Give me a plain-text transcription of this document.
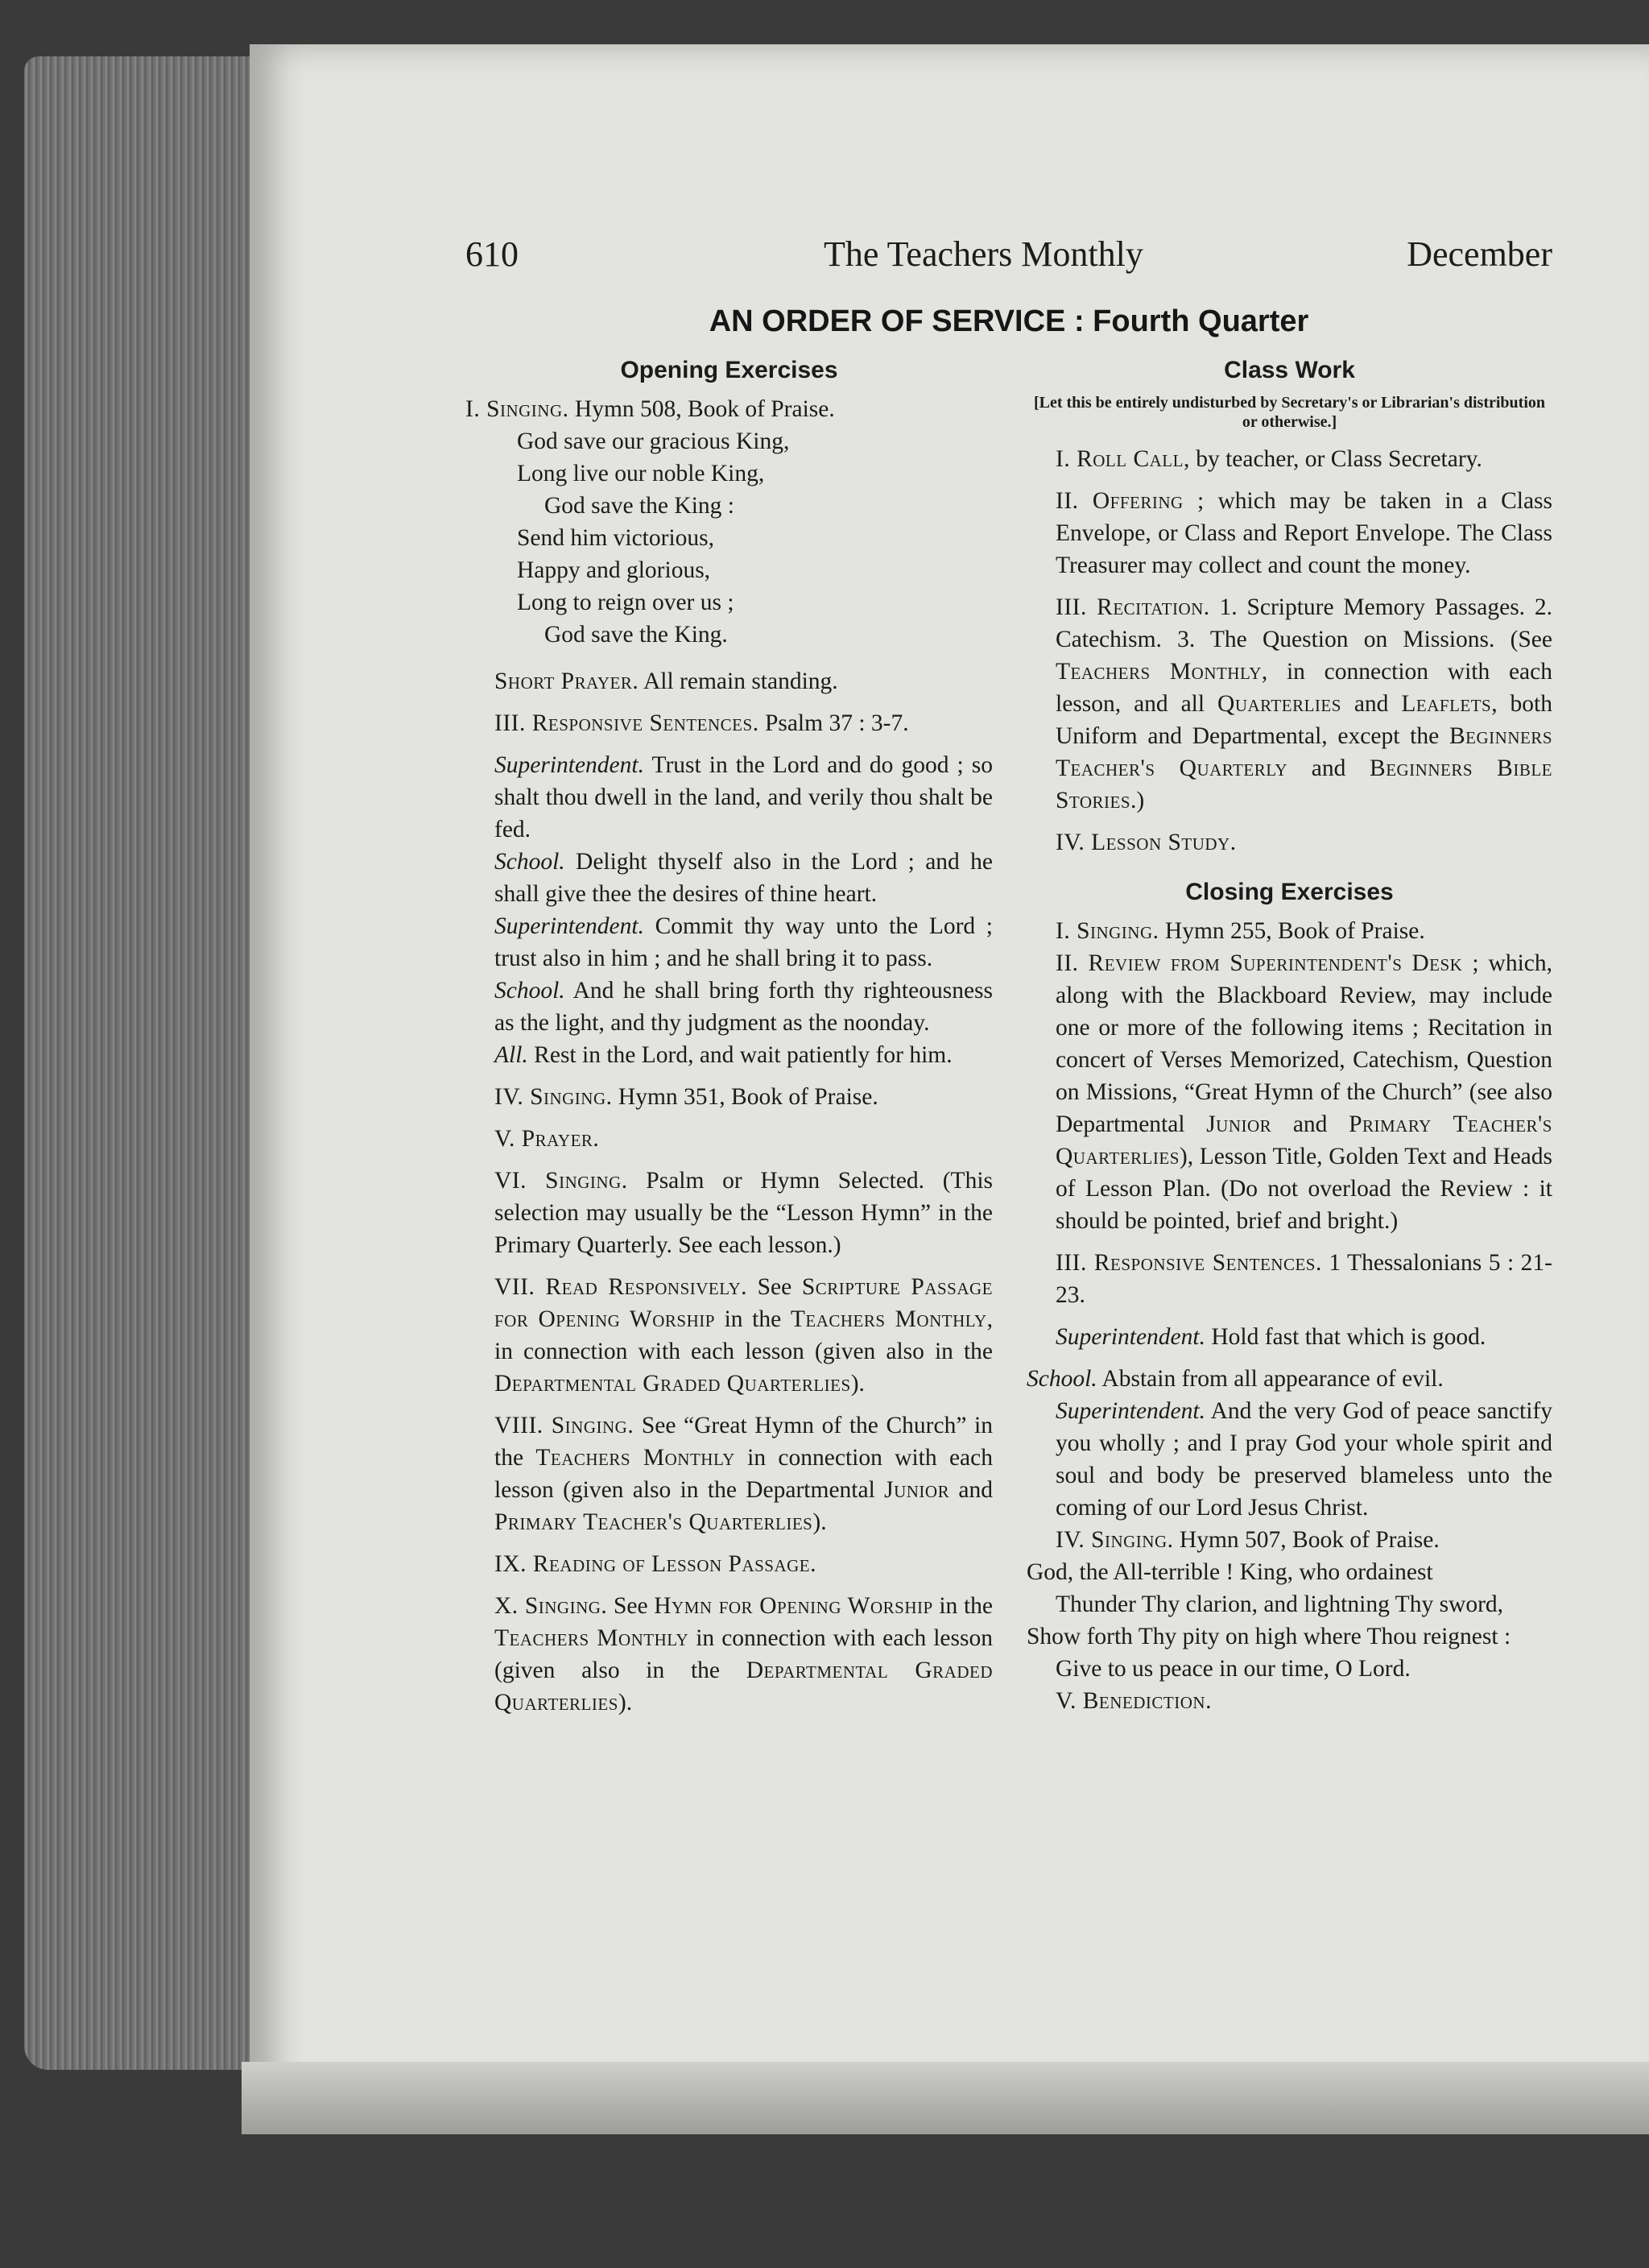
610	The Teachers Monthly	December
AN ORDER OF SERVICE : Fourth Quarter
Opening Exercises

I. Singing. Hymn 508, Book of Praise.

God save our gracious King,
Long live our noble King,
God save the King :
Send him victorious,
Happy and glorious,
Long to reign over us ;
God save the King.

Short Prayer. All remain standing.

III. Responsive Sentences. Psalm 37 : 3-7.

Superintendent. Trust in the Lord and do good ; so shalt thou dwell in the land, and verily thou shalt be fed.

School. Delight thyself also in the Lord ; and he shall give thee the desires of thine heart.

Superintendent. Commit thy way unto the Lord ; trust also in him ; and he shall bring it to pass.

School. And he shall bring forth thy righteousness as the light, and thy judgment as the noonday.

All. Rest in the Lord, and wait patiently for him.

IV. Singing. Hymn 351, Book of Praise.

V. Prayer.

VI. Singing. Psalm or Hymn Selected. (This selection may usually be the “Lesson Hymn” in the Primary Quarterly. See each lesson.)

VII. Read Responsively. See Scripture Passage for Opening Worship in the Teachers Monthly, in connection with each lesson (given also in the Departmental Graded Quarterlies).

VIII. Singing. See “Great Hymn of the Church” in the Teachers Monthly in connection with each lesson (given also in the Departmental Junior and Primary Teacher's Quarterlies).

IX. Reading of Lesson Passage.

X. Singing. See Hymn for Opening Worship in the Teachers Monthly in connection with each lesson (given also in the Departmental Graded Quarterlies).

Class Work
[Let this be entirely undisturbed by Secretary's or Librarian's distribution or otherwise.]

I. Roll Call, by teacher, or Class Secretary.

II. Offering ; which may be taken in a Class Envelope, or Class and Report Envelope. The Class Treasurer may collect and count the money.

III. Recitation. 1. Scripture Memory Passages. 2. Catechism. 3. The Question on Missions. (See Teachers Monthly, in connection with each lesson, and all Quarterlies and Leaflets, both Uniform and Departmental, except the Beginners Teacher's Quarterly and Beginners Bible Stories.)

IV. Lesson Study.

Closing Exercises

I. Singing. Hymn 255, Book of Praise.

II. Review from Superintendent's Desk ; which, along with the Blackboard Review, may include one or more of the following items ; Recitation in concert of Verses Memorized, Catechism, Question on Missions, “Great Hymn of the Church” (see also Departmental Junior and Primary Teacher's Quarterlies), Lesson Title, Golden Text and Heads of Lesson Plan. (Do not overload the Review : it should be pointed, brief and bright.)

III. Responsive Sentences. 1 Thessalonians 5 : 21-23.

Superintendent. Hold fast that which is good.

School. Abstain from all appearance of evil.

Superintendent. And the very God of peace sanctify you wholly ; and I pray God your whole spirit and soul and body be preserved blameless unto the coming of our Lord Jesus Christ.

IV. Singing. Hymn 507, Book of Praise.

God, the All-terrible ! King, who ordainest
Thunder Thy clarion, and lightning Thy sword,
Show forth Thy pity on high where Thou reignest :
Give to us peace in our time, O Lord.

V. Benediction.
